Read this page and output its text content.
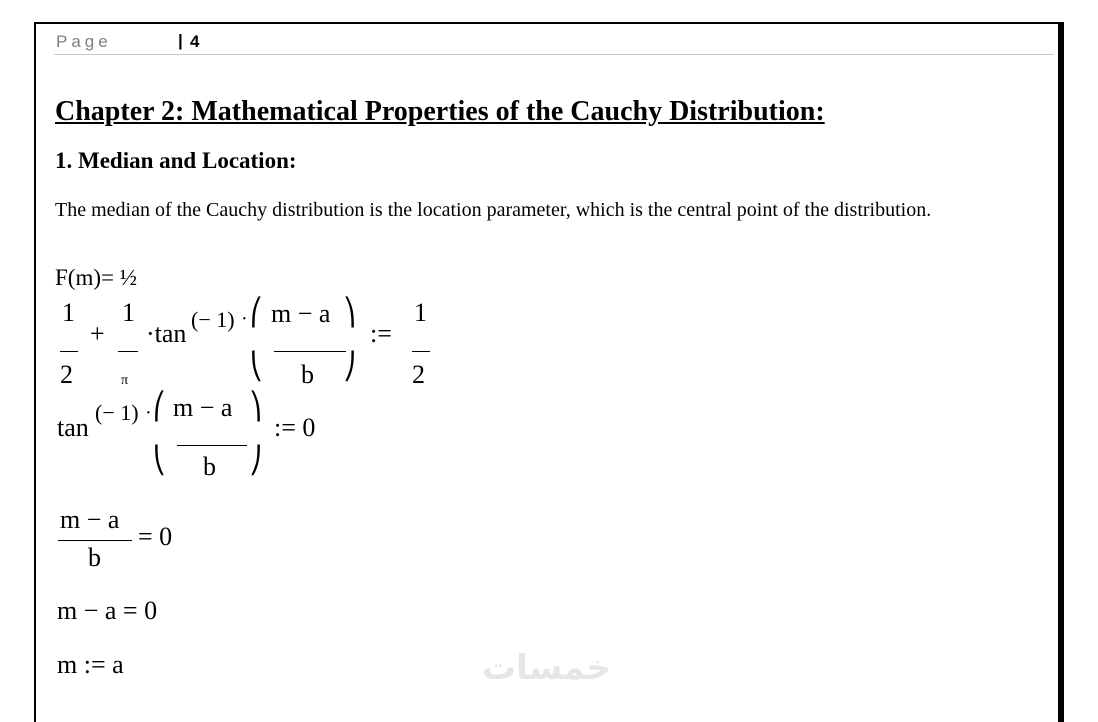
Page	| 4
Chapter 2: Mathematical Properties of the Cauchy Distribution:
1. Median and Location:
The median of the Cauchy distribution is the location parameter, which is the central point of the distribution.
F(m)= ½
1
2
+
1
π
·tan (− 1) · ⎛
⎝
m − a
b
⎞
⎠
:=
1
2
tan
(− 1) · ⎛
⎝
m − a
b
⎞
⎠
:= 0
m − a
b
= 0
m − a = 0
m := a	خمسات
